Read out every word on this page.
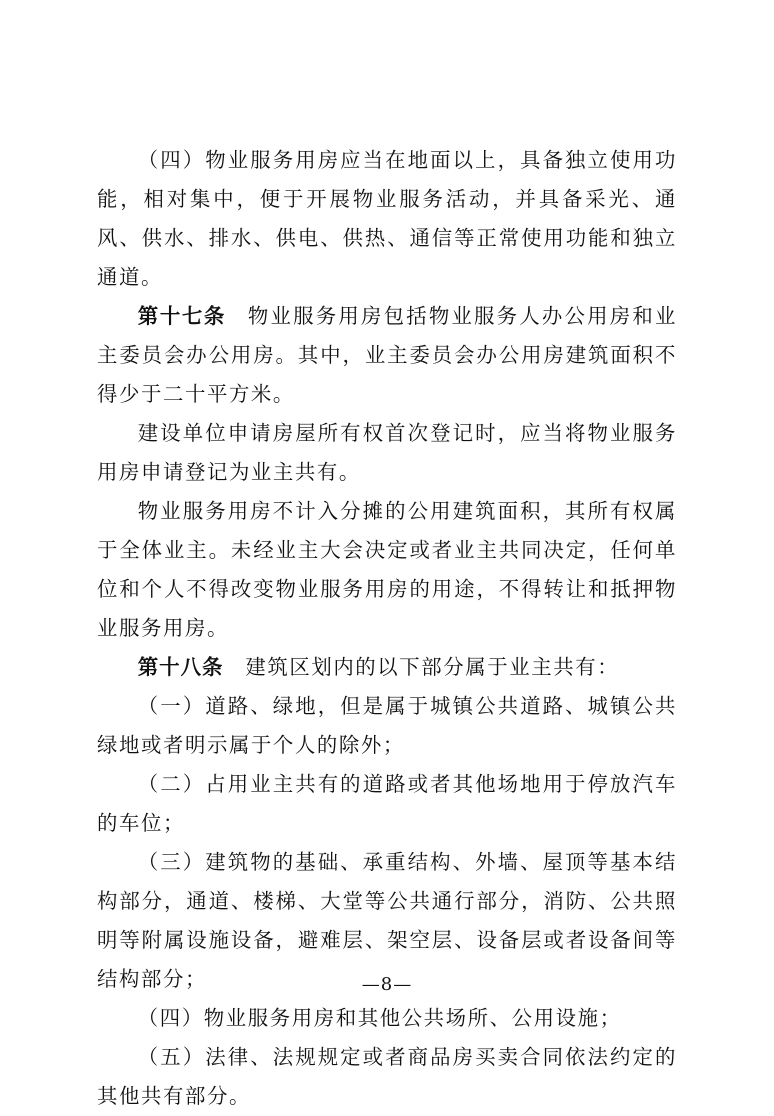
（四）物业服务用房应当在地面以上，具备独立使用功能，相对集中，便于开展物业服务活动，并具备采光、通风、供水、排水、供电、供热、通信等正常使用功能和独立通道。

第十七条 物业服务用房包括物业服务人办公用房和业主委员会办公用房。其中，业主委员会办公用房建筑面积不得少于二十平方米。

建设单位申请房屋所有权首次登记时，应当将物业服务用房申请登记为业主共有。

物业服务用房不计入分摊的公用建筑面积，其所有权属于全体业主。未经业主大会决定或者业主共同决定，任何单位和个人不得改变物业服务用房的用途，不得转让和抵押物业服务用房。

第十八条 建筑区划内的以下部分属于业主共有：

（一）道路、绿地，但是属于城镇公共道路、城镇公共绿地或者明示属于个人的除外；

（二）占用业主共有的道路或者其他场地用于停放汽车的车位；

（三）建筑物的基础、承重结构、外墙、屋顶等基本结构部分，通道、楼梯、大堂等公共通行部分，消防、公共照明等附属设施设备，避难层、架空层、设备层或者设备间等结构部分；

（四）物业服务用房和其他公共场所、公用设施；

（五）法律、法规规定或者商品房买卖合同依法约定的其他共有部分。

—8—
